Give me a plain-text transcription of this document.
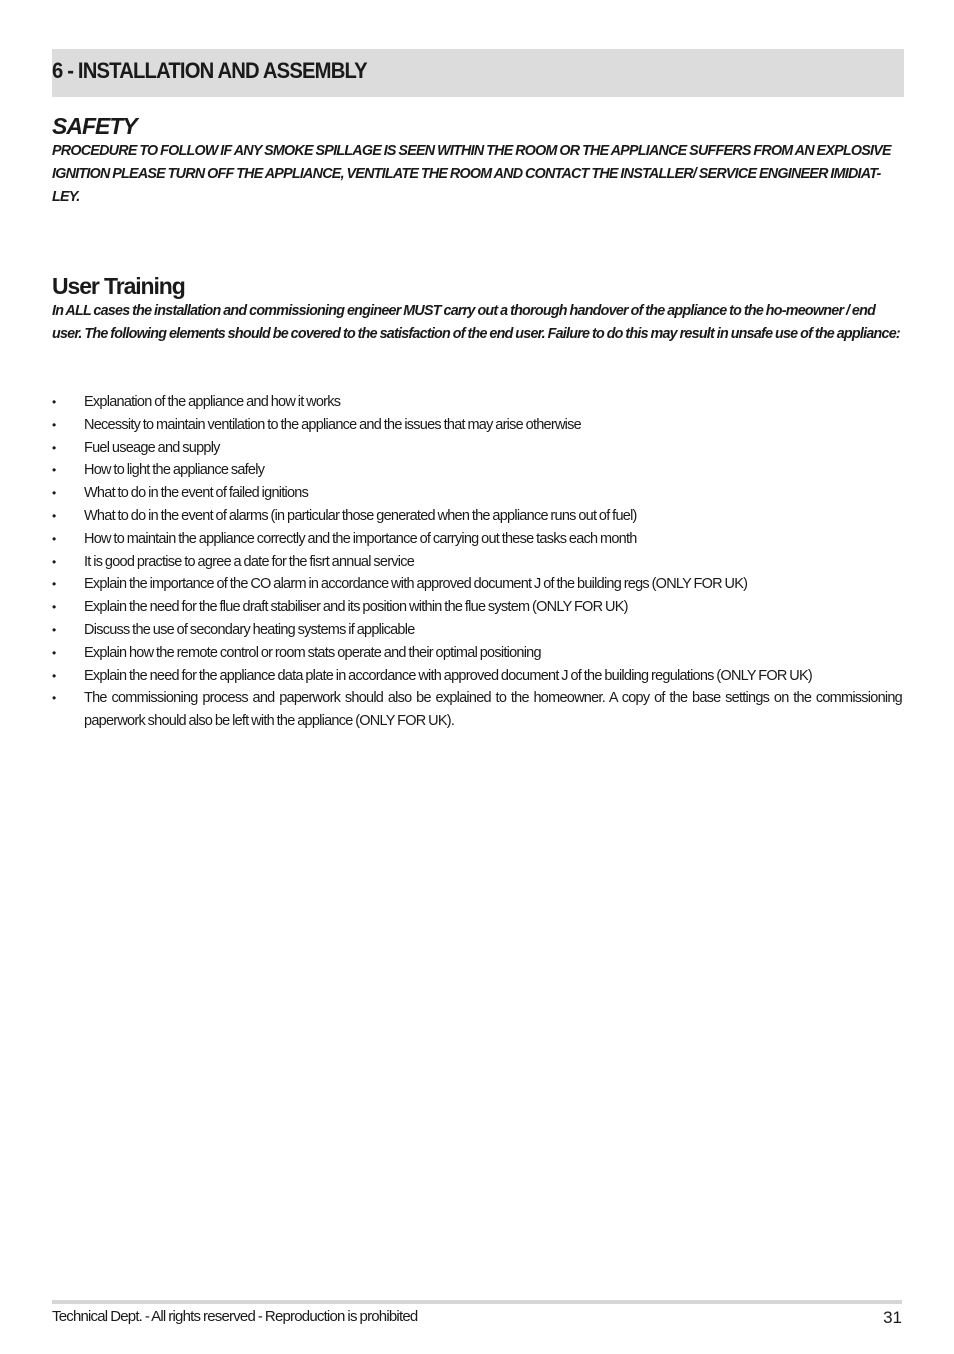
6 - INSTALLATION AND ASSEMBLY
SAFETY

PROCEDURE TO FOLLOW IF ANY SMOKE SPILLAGE IS SEEN WITHIN THE ROOM OR THE APPLIANCE SUFFERS FROM AN EXPLOSIVE IGNITION PLEASE TURN OFF THE APPLIANCE, VENTILATE THE ROOM AND CONTACT THE INSTALLER/ SERVICE ENGINEER IMIDIAT-LEY.

User Training

In ALL cases the installation and commissioning engineer MUST carry out a thorough handover of the appliance to the ho-meowner / end user. The following elements should be covered to the satisfaction of the end user. Failure to do this may result in unsafe use of the appliance:

•	Explanation of the appliance and how it works
•	Necessity to maintain ventilation to the appliance and the issues that may arise otherwise
•	Fuel useage and supply
•	How to light the appliance safely
•	What to do in the event of failed ignitions
•	What to do in the event of alarms (in particular those generated when the appliance runs out of fuel)
•	How to maintain the appliance correctly and the importance of carrying out these tasks each month
•	It is good practise to agree a date for the fisrt annual service
•	Explain the importance of the CO alarm in accordance with approved document J of the building regs (ONLY FOR UK)
•	Explain the need for the flue draft stabiliser and its position within the flue system (ONLY FOR UK)
•	Discuss the use of secondary heating systems if applicable
•	Explain how the remote control or room stats operate and their optimal positioning
•	Explain the need for the appliance data plate in accordance with approved document J of the building regulations (ONLY FOR UK)
•	The commissioning process and paperwork should also be explained to the homeowner. A copy of the base settings on the commissioning paperwork should also be left with the appliance (ONLY FOR UK).
Technical Dept. - All rights reserved - Reproduction is prohibited	31
